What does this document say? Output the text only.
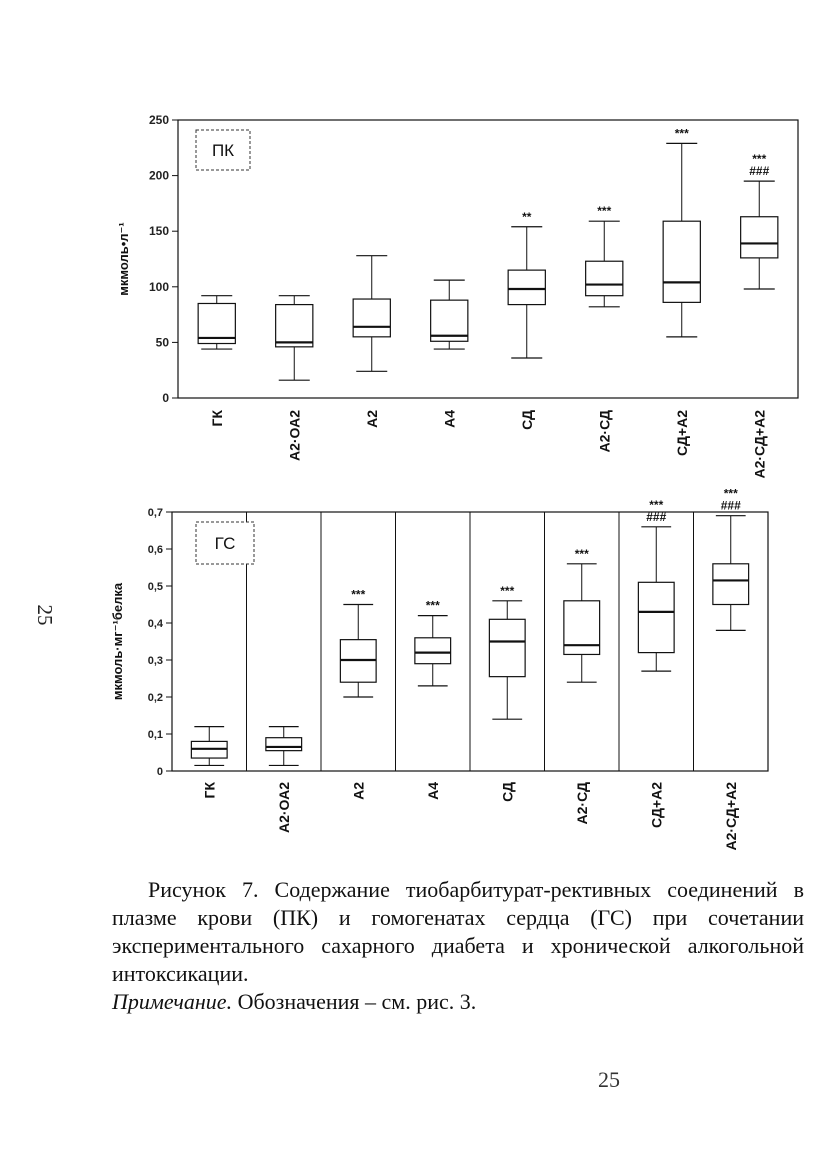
0
50
100
150
200
250
мкмоль•л⁻¹
ПК
ГК	А2·ОА2	А2	А4
**
СД
***
А2·СД
***
СД+А2
***
###
А2·СД+А2
0
0,1
0,2
0,3
0,4
0,5
0,6
0,7
мкмоль·мг⁻¹белка
ГС
ГК	А2·ОА2
***
А2
***
А4
***
СД
***
А2·СД
***
###
СД+А2
***
###
А2·СД+А2
25

Рисунок 7. Содержание тиобарбитурат-рективных соединений в плазме крови (ПК) и гомогенатах сердца (ГС) при сочетании экспериментального сахарного диабета и хронической алкогольной интоксикации.

Примечание. Обозначения – см. рис. 3.

25
